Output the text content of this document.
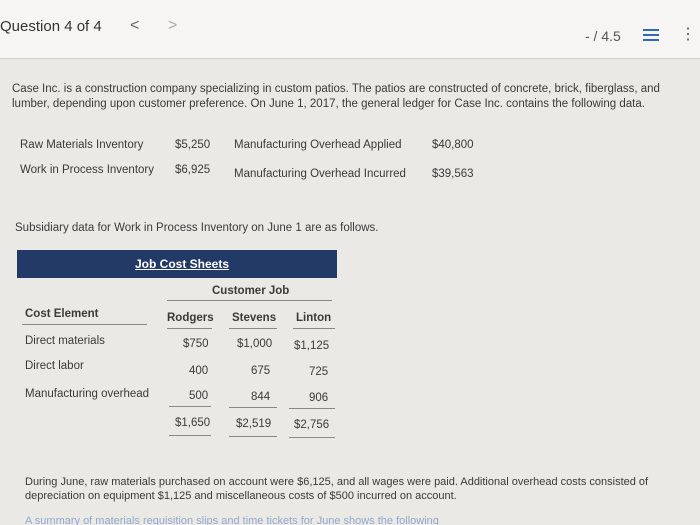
Question 4 of 4 < >
- / 4.5	⋮
Case Inc. is a construction company specializing in custom patios. The patios are constructed of concrete, brick, fiberglass, and lumber, depending upon customer preference. On June 1, 2017, the general ledger for Case Inc. contains the following data.
Raw Materials Inventory	$5,250 Manufacturing Overhead Applied	$40,800
Work in Process Inventory $6,925 Manufacturing Overhead Incurred $39,563
Subsidiary data for Work in Process Inventory on June 1 are as follows.
Job Cost Sheets
Customer Job
Cost Element	Rodgers Stevens Linton
Direct materials	$750 $1,000 $1,125
Direct labor	400	675	725
Manufacturing overhead	500	844	906
$1,650 $2,519 $2,756
During June, raw materials purchased on account were $6,125, and all wages were paid. Additional overhead costs consisted of depreciation on equipment $1,125 and miscellaneous costs of $500 incurred on account.
A summary of materials requisition slips and time tickets for June shows the following
